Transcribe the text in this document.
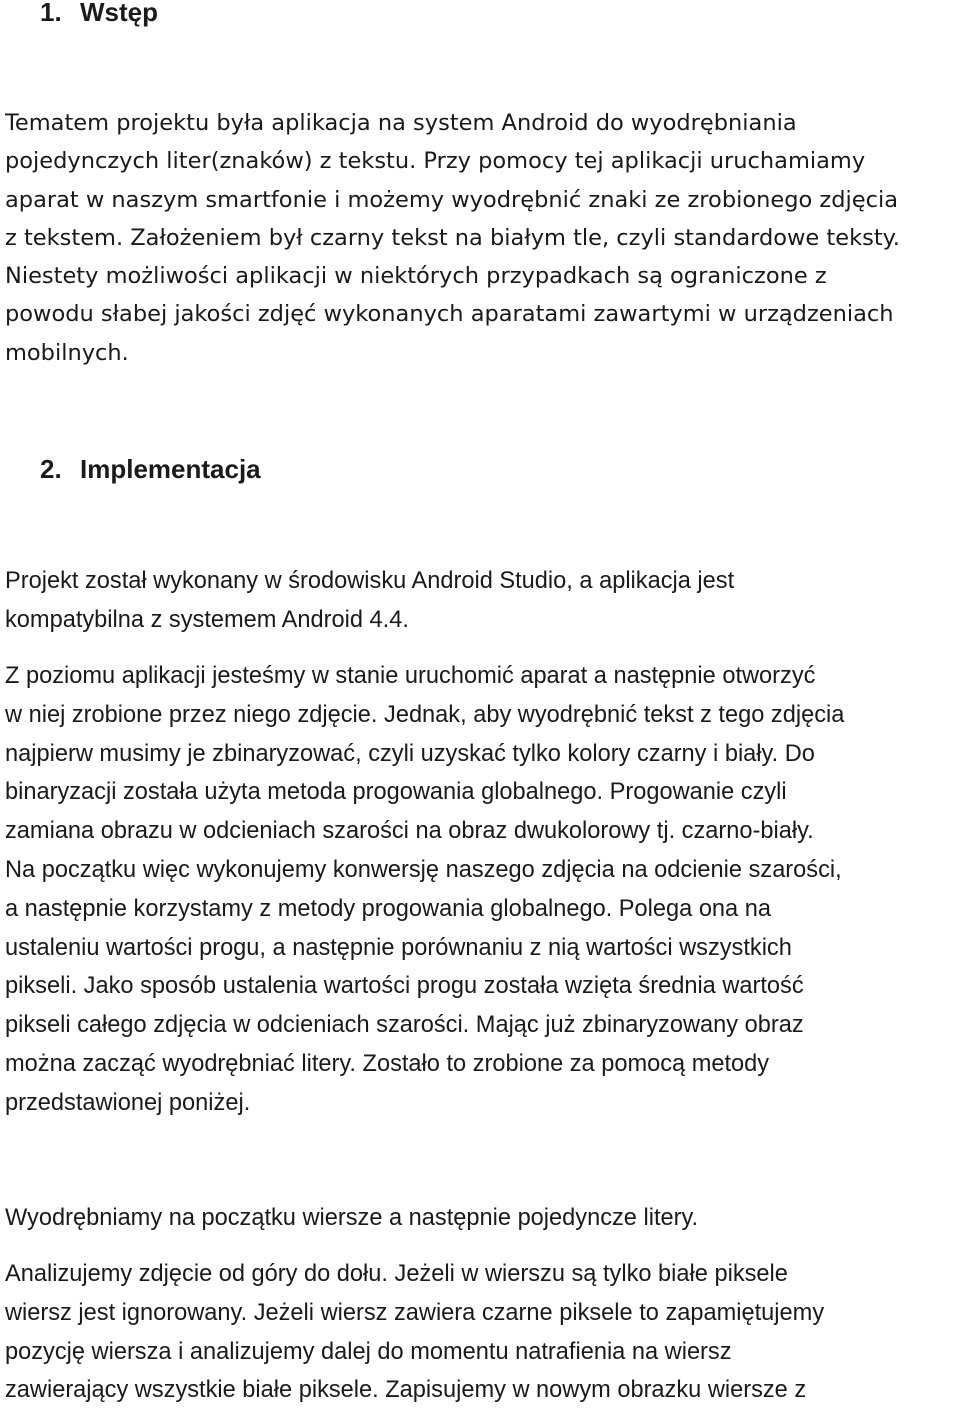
1. Wstęp

Tematem projektu była aplikacja na system Android do wyodrębniania
pojedynczych liter(znaków) z tekstu. Przy pomocy tej aplikacji uruchamiamy
aparat w naszym smartfonie i możemy wyodrębnić znaki ze zrobionego zdjęcia
z tekstem. Założeniem był czarny tekst na białym tle, czyli standardowe teksty.
Niestety możliwości aplikacji w niektórych przypadkach są ograniczone z
powodu słabej jakości zdjęć wykonanych aparatami zawartymi w urządzeniach
mobilnych.

2. Implementacja

Projekt został wykonany w środowisku Android Studio, a aplikacja jest
kompatybilna z systemem Android 4.4.

Z poziomu aplikacji jesteśmy w stanie uruchomić aparat a następnie otworzyć
w niej zrobione przez niego zdjęcie. Jednak, aby wyodrębnić tekst z tego zdjęcia
najpierw musimy je zbinaryzować, czyli uzyskać tylko kolory czarny i biały. Do
binaryzacji została użyta metoda progowania globalnego. Progowanie czyli
zamiana obrazu w odcieniach szarości na obraz dwukolorowy tj. czarno-biały.
Na początku więc wykonujemy konwersję naszego zdjęcia na odcienie szarości,
a następnie korzystamy z metody progowania globalnego. Polega ona na
ustaleniu wartości progu, a następnie porównaniu z nią wartości wszystkich
pikseli. Jako sposób ustalenia wartości progu została wzięta średnia wartość
pikseli całego zdjęcia w odcieniach szarości. Mając już zbinaryzowany obraz
można zacząć wyodrębniać litery. Zostało to zrobione za pomocą metody
przedstawionej poniżej.

Wyodrębniamy na początku wiersze a następnie pojedyncze litery.

Analizujemy zdjęcie od góry do dołu. Jeżeli w wierszu są tylko białe piksele
wiersz jest ignorowany. Jeżeli wiersz zawiera czarne piksele to zapamiętujemy
pozycję wiersza i analizujemy dalej do momentu natrafienia na wiersz
zawierający wszystkie białe piksele. Zapisujemy w nowym obrazku wiersze z
